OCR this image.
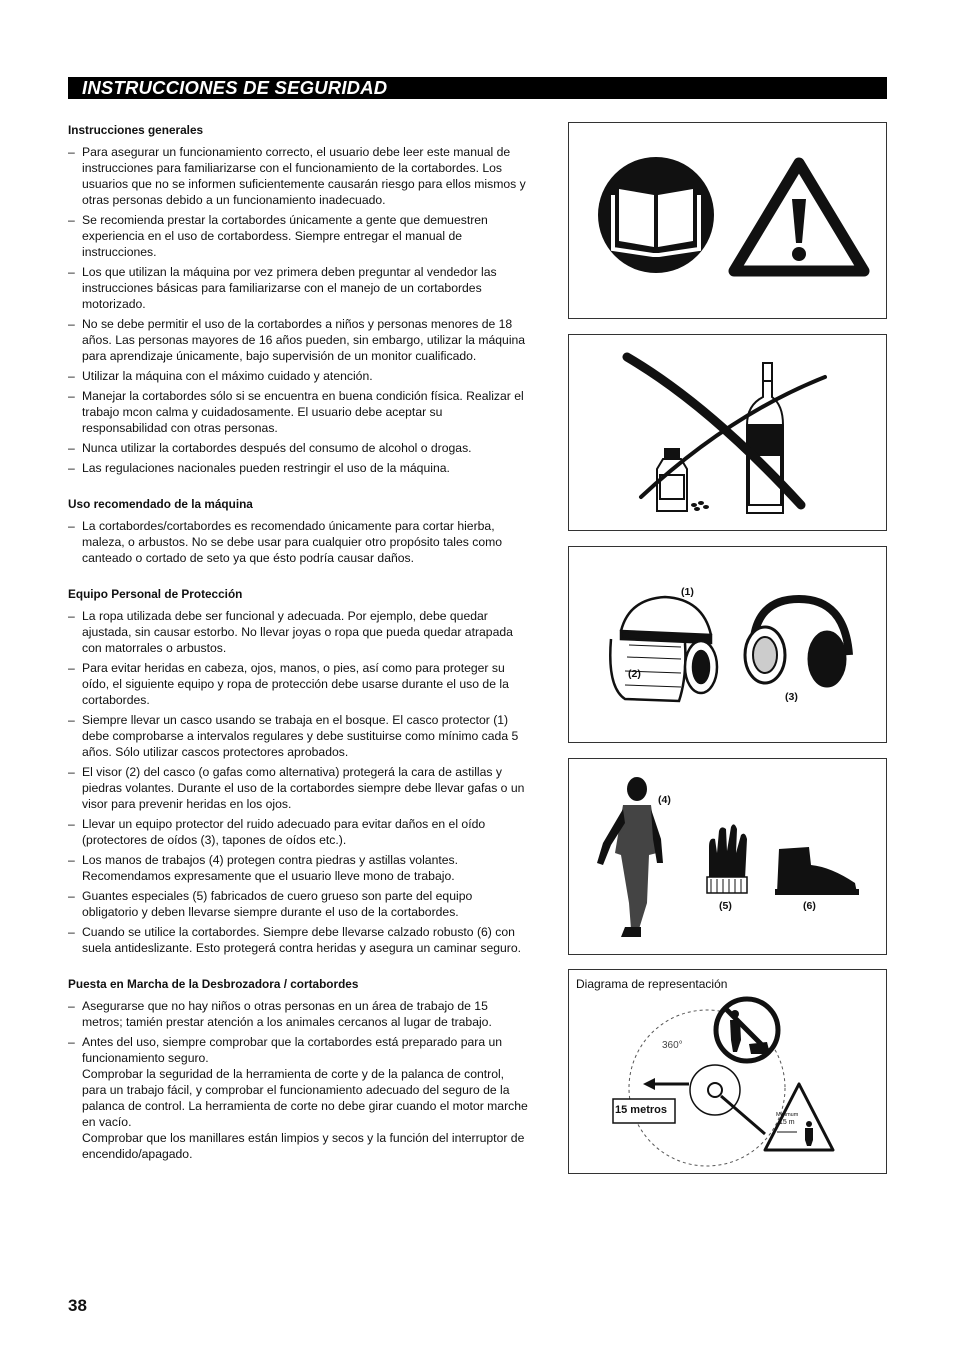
INSTRUCCIONES DE SEGURIDAD
Instrucciones generales
– Para asegurar un funcionamiento correcto, el usuario debe leer este manual de instrucciones para familiarizarse con el funcionamiento de la cortabordes. Los usuarios que no se informen suficientemente causarán riesgo para ellos mismos y otras personas debido a un funcionamiento inadecuado.
– Se recomienda prestar la cortabordes únicamente a gente que demuestren experiencia en el uso de cortabordess. Siempre entregar el manual de instrucciones.
– Los que utilizan la máquina por vez primera deben preguntar al vendedor las instrucciones básicas para familiarizarse con el manejo de un cortabordes motorizado.
– No se debe permitir el uso de la cortabordes a niños y personas menores de 18 años. Las personas mayores de 16 años pueden, sin embargo, utilizar la máquina para aprendizaje únicamente, bajo supervisión de un monitor cualificado.
– Utilizar la máquina con el máximo cuidado y atención.
– Manejar la cortabordes sólo si se encuentra en buena condición física. Realizar el trabajo mcon calma y cuidadosamente. El usuario debe aceptar su responsabilidad con otras personas.
– Nunca utilizar la cortabordes después del consumo de alcohol o drogas.
– Las regulaciones nacionales pueden restringir el uso de la máquina.
Uso recomendado de la máquina
– La cortabordes/cortabordes es recomendado únicamente para cortar hierba, maleza, o arbustos. No se debe usar para cualquier otro propósito tales como canteado o cortado de seto ya que ésto podría causar daños.
Equipo Personal de Protección
– La ropa utilizada debe ser funcional y adecuada. Por ejemplo, debe quedar ajustada, sin causar estorbo. No llevar joyas o ropa que pueda quedar atrapada con matorrales o arbustos.
– Para evitar heridas en cabeza, ojos, manos, o pies, así como para proteger su oído, el siguiente equipo y ropa de protección debe usarse durante el uso de la cortabordes.
– Siempre llevar un casco usando se trabaja en el bosque. El casco protector (1) debe comprobarse a intervalos regulares y debe sustituirse como mínimo cada 5 años. Sólo utilizar cascos protectores aprobados.
– El visor (2) del casco (o gafas como alternativa) protegerá la cara de astillas y piedras volantes. Durante el uso de la cortabordes siempre debe llevar gafas o un visor para prevenir heridas en los ojos.
– Llevar un equipo protector del ruido adecuado para evitar daños en el oído (protectores de oídos (3), tapones de oídos etc.).
– Los manos de trabajos (4) protegen contra piedras y astillas volantes. Recomendamos expresamente que el usuario lleve mono de trabajo.
– Guantes especiales (5) fabricados de cuero grueso son parte del equipo obligatorio y deben llevarse siempre durante el uso de la cortabordes.
– Cuando se utilice la cortabordes. Siempre debe llevarse calzado robusto (6) con suela antideslizante. Esto protegerá contra heridas y asegura un caminar seguro.
Puesta en Marcha de la Desbrozadora / cortabordes
– Asegurarse que no hay niños o otras personas en un área de trabajo de 15 metros; tamién prestar atención a los animales cercanos al lugar de trabajo.
– Antes del uso, siempre comprobar que la cortabordes está preparado para un funcionamiento seguro.
Comprobar la seguridad de la herramienta de corte y de la palanca de control, para un trabajo fácil, y comprobar el funcionamiento adecuado del seguro de la palanca de control. La herramienta de corte no debe girar cuando el motor marche en vacío.
Comprobar que los manillares están limpios y secos y la función del interruptor de encendido/apagado.
(1)
(2)
(3)
(4)
(5)	(6)
Diagrama de representación
360°
15 metros	Minimum
15 m
38
